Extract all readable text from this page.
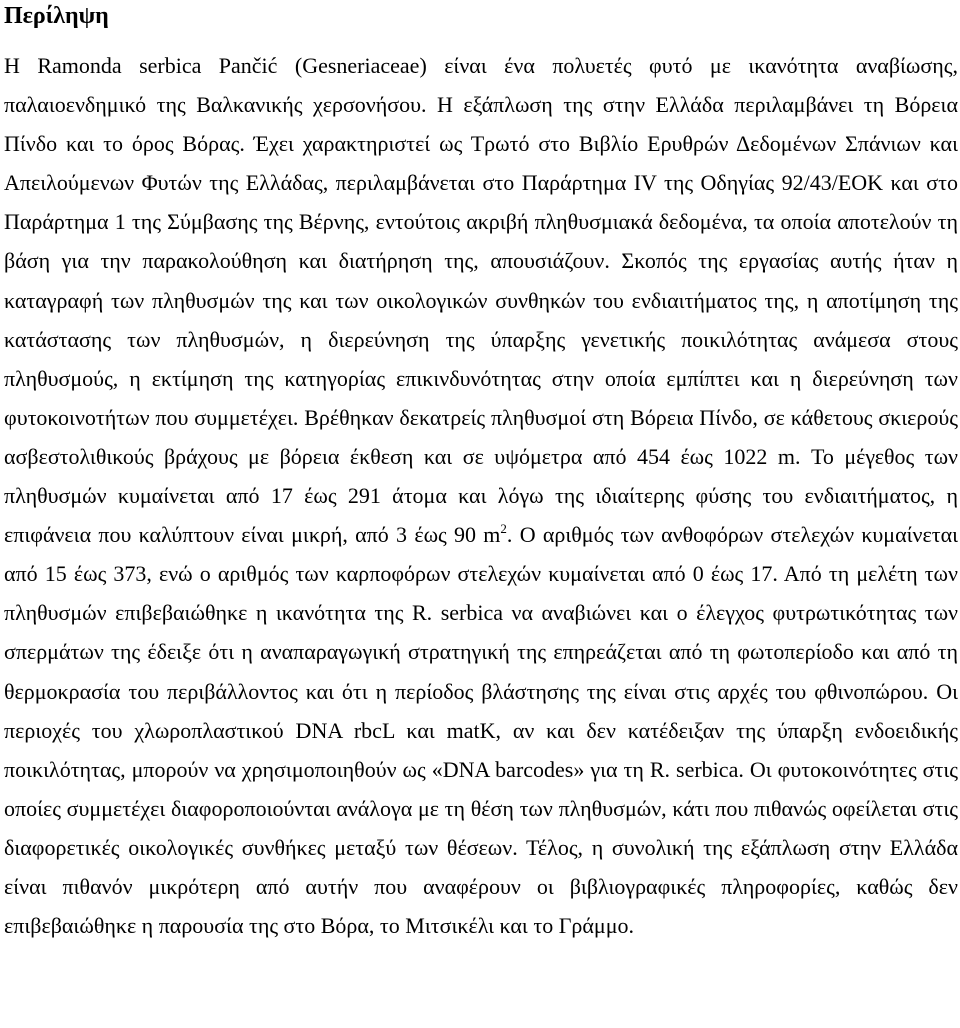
Περίληψη

Η Ramonda serbica Pančić (Gesneriaceae) είναι ένα πολυετές φυτό με ικανότητα αναβίωσης, παλαιοενδημικό της Βαλκανικής χερσονήσου. Η εξάπλωση της στην Ελλάδα περιλαμβάνει τη Βόρεια Πίνδο και το όρος Βόρας. Έχει χαρακτηριστεί ως Τρωτό στο Βιβλίο Ερυθρών Δεδομένων Σπάνιων και Απειλούμενων Φυτών της Ελλάδας, περιλαμβάνεται στο Παράρτημα IV της Οδηγίας 92/43/ΕΟΚ και στο Παράρτημα 1 της Σύμβασης της Βέρνης, εντούτοις ακριβή πληθυσμιακά δεδομένα, τα οποία αποτελούν τη βάση για την παρακολούθηση και διατήρηση της, απουσιάζουν. Σκοπός της εργασίας αυτής ήταν η καταγραφή των πληθυσμών της και των οικολογικών συνθηκών του ενδιαιτήματος της, η αποτίμηση της κατάστασης των πληθυσμών, η διερεύνηση της ύπαρξης γενετικής ποικιλότητας ανάμεσα στους πληθυσμούς, η εκτίμηση της κατηγορίας επικινδυνότητας στην οποία εμπίπτει και η διερεύνηση των φυτοκοινοτήτων που συμμετέχει. Βρέθηκαν δεκατρείς πληθυσμοί στη Βόρεια Πίνδο, σε κάθετους σκιερούς ασβεστολιθικούς βράχους με βόρεια έκθεση και σε υψόμετρα από 454 έως 1022 m. Το μέγεθος των πληθυσμών κυμαίνεται από 17 έως 291 άτομα και λόγω της ιδιαίτερης φύσης του ενδιαιτήματος, η επιφάνεια που καλύπτουν είναι μικρή, από 3 έως 90 $m^2$. Ο αριθμός των ανθοφόρων στελεχών κυμαίνεται από 15 έως 373, ενώ ο αριθμός των καρποφόρων στελεχών κυμαίνεται από 0 έως 17. Από τη μελέτη των πληθυσμών επιβεβαιώθηκε η ικανότητα της R. serbica να αναβιώνει και ο έλεγχος φυτρωτικότητας των σπερμάτων της έδειξε ότι η αναπαραγωγική στρατηγική της επηρεάζεται από τη φωτοπερίοδο και από τη θερμοκρασία του περιβάλλοντος και ότι η περίοδος βλάστησης της είναι στις αρχές του φθινοπώρου. Οι περιοχές του χλωροπλαστικού DNA rbcL και matK, αν και δεν κατέδειξαν της ύπαρξη ενδοειδικής ποικιλότητας, μπορούν να χρησιμοποιηθούν ως «DNA barcodes» για τη R. serbica. Οι φυτοκοινότητες στις οποίες συμμετέχει διαφοροποιούνται ανάλογα με τη θέση των πληθυσμών, κάτι που πιθανώς οφείλεται στις διαφορετικές οικολογικές συνθήκες μεταξύ των θέσεων. Τέλος, η συνολική της εξάπλωση στην Ελλάδα είναι πιθανόν μικρότερη από αυτήν που αναφέρουν οι βιβλιογραφικές πληροφορίες, καθώς δεν επιβεβαιώθηκε η παρουσία της στο Βόρα, το Μιτσικέλι και το Γράμμο.
